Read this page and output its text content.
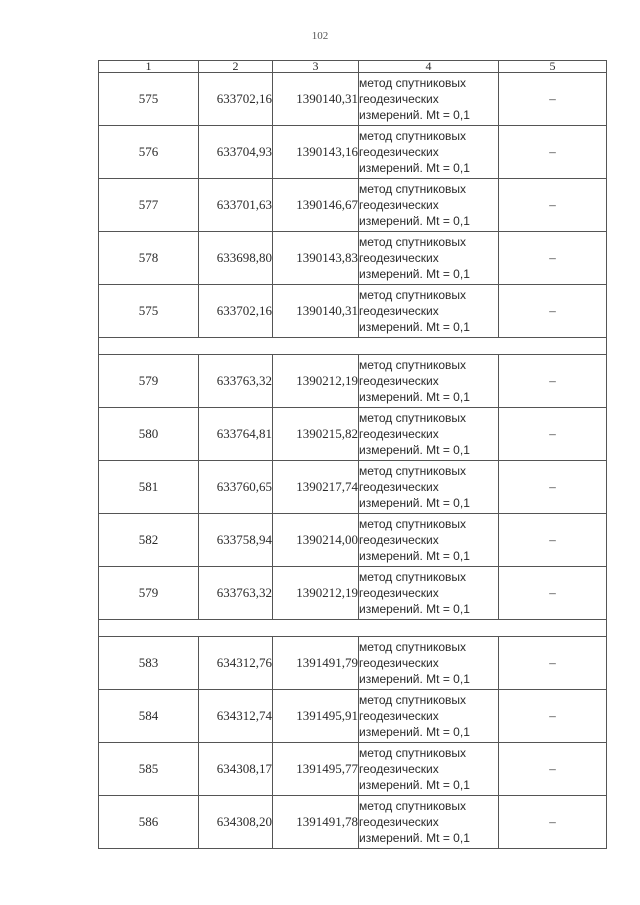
102
1	2	3	4	5
575	633702,16	1390140,31	метод спутниковых геодезических измерений. Mt = 0,1	–
576	633704,93	1390143,16	метод спутниковых геодезических измерений. Mt = 0,1	–
577	633701,63	1390146,67	метод спутниковых геодезических измерений. Mt = 0,1	–
578	633698,80	1390143,83	метод спутниковых геодезических измерений. Mt = 0,1	–
575	633702,16	1390140,31	метод спутниковых геодезических измерений. Mt = 0,1	–

579	633763,32	1390212,19	метод спутниковых геодезических измерений. Mt = 0,1	–
580	633764,81	1390215,82	метод спутниковых геодезических измерений. Mt = 0,1	–
581	633760,65	1390217,74	метод спутниковых геодезических измерений. Mt = 0,1	–
582	633758,94	1390214,00	метод спутниковых геодезических измерений. Mt = 0,1	–
579	633763,32	1390212,19	метод спутниковых геодезических измерений. Mt = 0,1	–

583	634312,76	1391491,79	метод спутниковых геодезических измерений. Mt = 0,1	–
584	634312,74	1391495,91	метод спутниковых геодезических измерений. Mt = 0,1	–
585	634308,17	1391495,77	метод спутниковых геодезических измерений. Mt = 0,1	–
586	634308,20	1391491,78	метод спутниковых геодезических измерений. Mt = 0,1	–
